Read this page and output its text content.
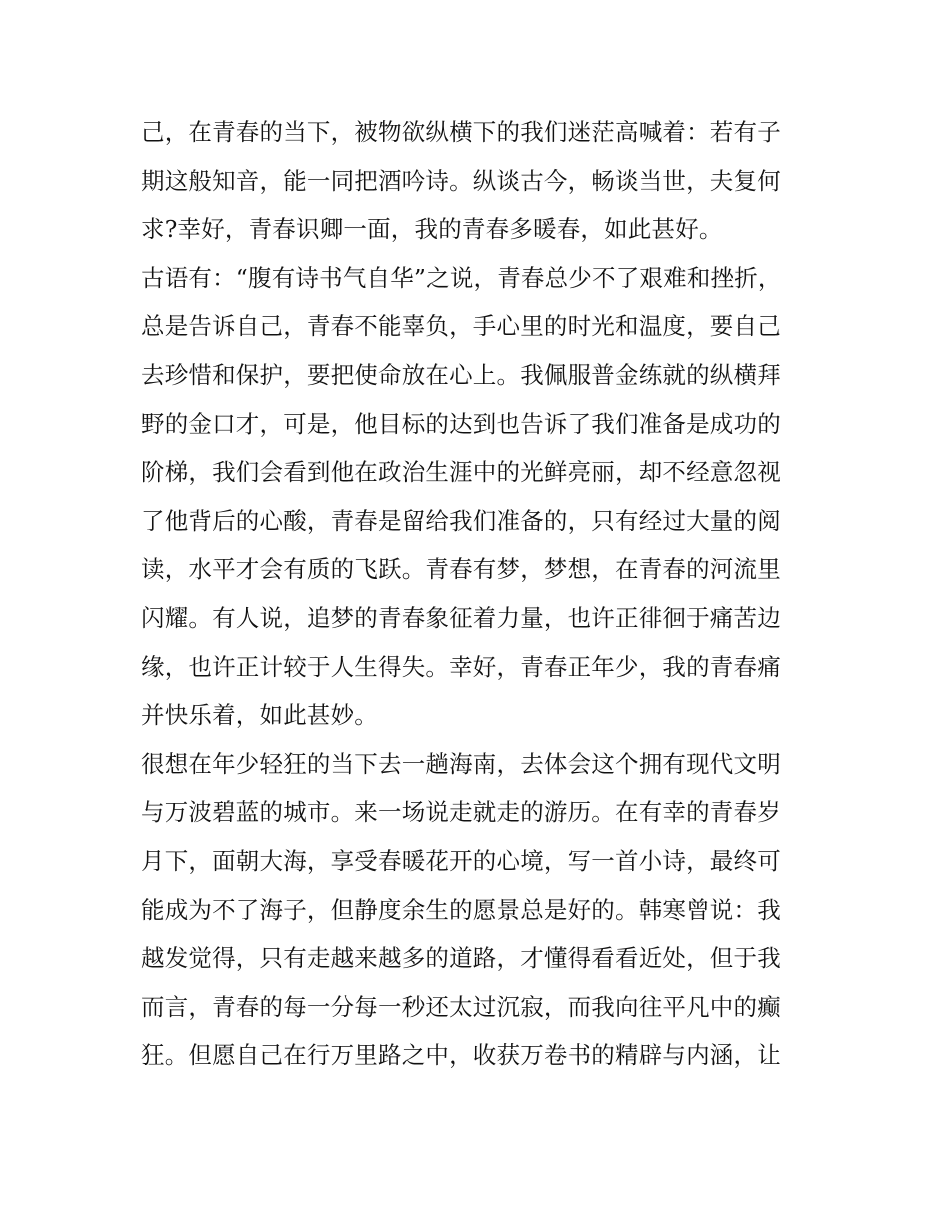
己，在青春的当下，被物欲纵横下的我们迷茫高喊着：若有子
期这般知音，能一同把酒吟诗。纵谈古今，畅谈当世，夫复何
求?幸好，青春识卿一面，我的青春多暖春，如此甚好。
古语有：“腹有诗书气自华”之说，青春总少不了艰难和挫折，
总是告诉自己，青春不能辜负，手心里的时光和温度，要自己
去珍惜和保护，要把使命放在心上。我佩服普金练就的纵横拜
野的金口才，可是，他目标的达到也告诉了我们准备是成功的
阶梯，我们会看到他在政治生涯中的光鲜亮丽，却不经意忽视
了他背后的心酸，青春是留给我们准备的，只有经过大量的阅
读，水平才会有质的飞跃。青春有梦，梦想，在青春的河流里
闪耀。有人说，追梦的青春象征着力量，也许正徘徊于痛苦边
缘，也许正计较于人生得失。幸好，青春正年少，我的青春痛
并快乐着，如此甚妙。
很想在年少轻狂的当下去一趟海南，去体会这个拥有现代文明
与万波碧蓝的城市。来一场说走就走的游历。在有幸的青春岁
月下，面朝大海，享受春暖花开的心境，写一首小诗，最终可
能成为不了海子，但静度余生的愿景总是好的。韩寒曾说：我
越发觉得，只有走越来越多的道路，才懂得看看近处，但于我
而言，青春的每一分每一秒还太过沉寂，而我向往平凡中的癫
狂。但愿自己在行万里路之中，收获万卷书的精辟与内涵，让
